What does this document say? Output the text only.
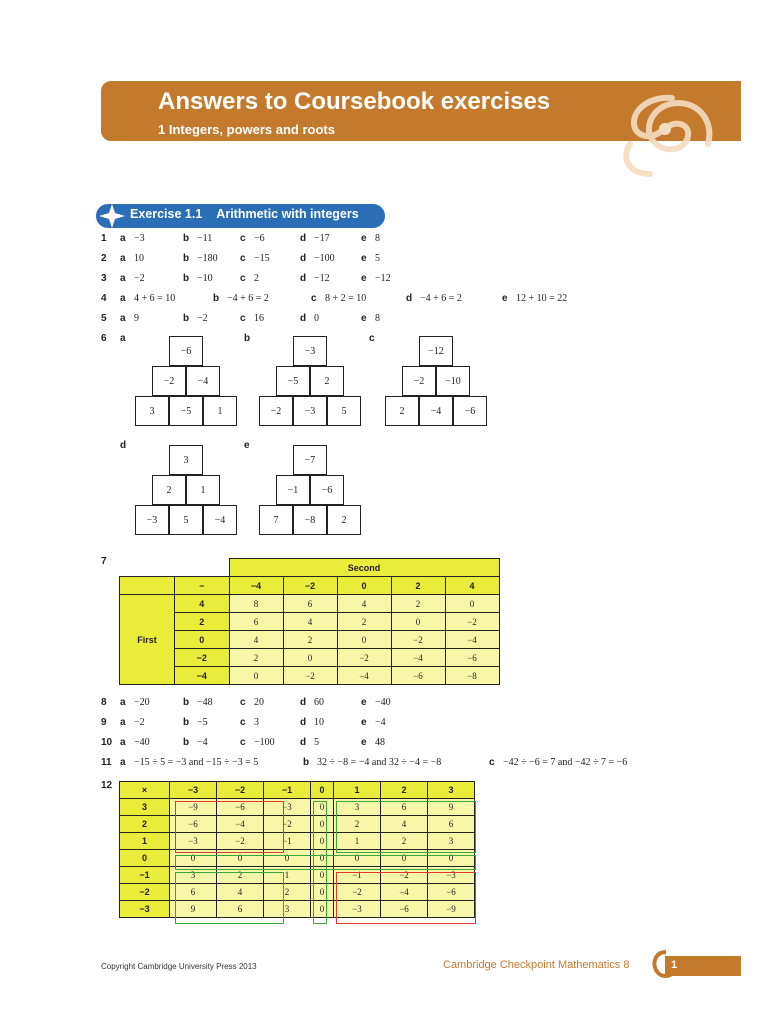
Answers to Coursebook exercises
1 Integers, powers and roots
Exercise 1.1 Arithmetic with integers
1 a −3	b −11	c −6	d −17	e 8
2 a 10	b −180 c −15	d −100	e 5
3 a −2	b −10	c 2	d −12	e −12
4 a 4 + 6 = 10	b −4 + 6 = 2	c 8 + 2 = 10	d −4 + 6 = 2	e 12 + 10 = 22
5 a 9	b −2	c 16	d 0	e 8
6 a
3	−5	1
−2	−4
−6
b
−2	−3	5
−5	2
−3
c
2	−4	−6
−2	−10
−12
d
−3	5	−4
2	1
3
e
7	−8	2
−1	−6
−7
7
		Second				
	−	−4	−2	0	2	4
First	4	8	6	4	2	0
	2	6	4	2	0	−2
	0	4	2	0	−2	−4
	−2	2	0	−2	−4	−6
	−4	0	−2	−4	−6	−8
8 a −20	b −48	c 20	d 60	e −40
9 a −2	b −5	c 3	d 10	e −4
10 a −40	b −4	c −100	d 5	e 48
11 a −15 ÷ 5 = −3 and −15 ÷ −3 = 5	b 32 ÷ −8 = −4 and 32 ÷ −4 = −8	c −42 ÷ −6 = 7 and −42 ÷ 7 = −6
12	×	−3	−2	−1	0	1	2	3
3	−9	−6	−3	0	3	6	9
2	−6	−4	−2	0	2	4	6
1	−3	−2	−1	0	1	2	3
0	0	0	0	0	0	0	0
−1	3	2	1	0	−1	−2	−3
−2	6	4	2	0	−2	−4	−6
−3	9	6	3	0	−3	−6	−9
Copyright Cambridge University Press 2013	Cambridge Checkpoint Mathematics 8	1
